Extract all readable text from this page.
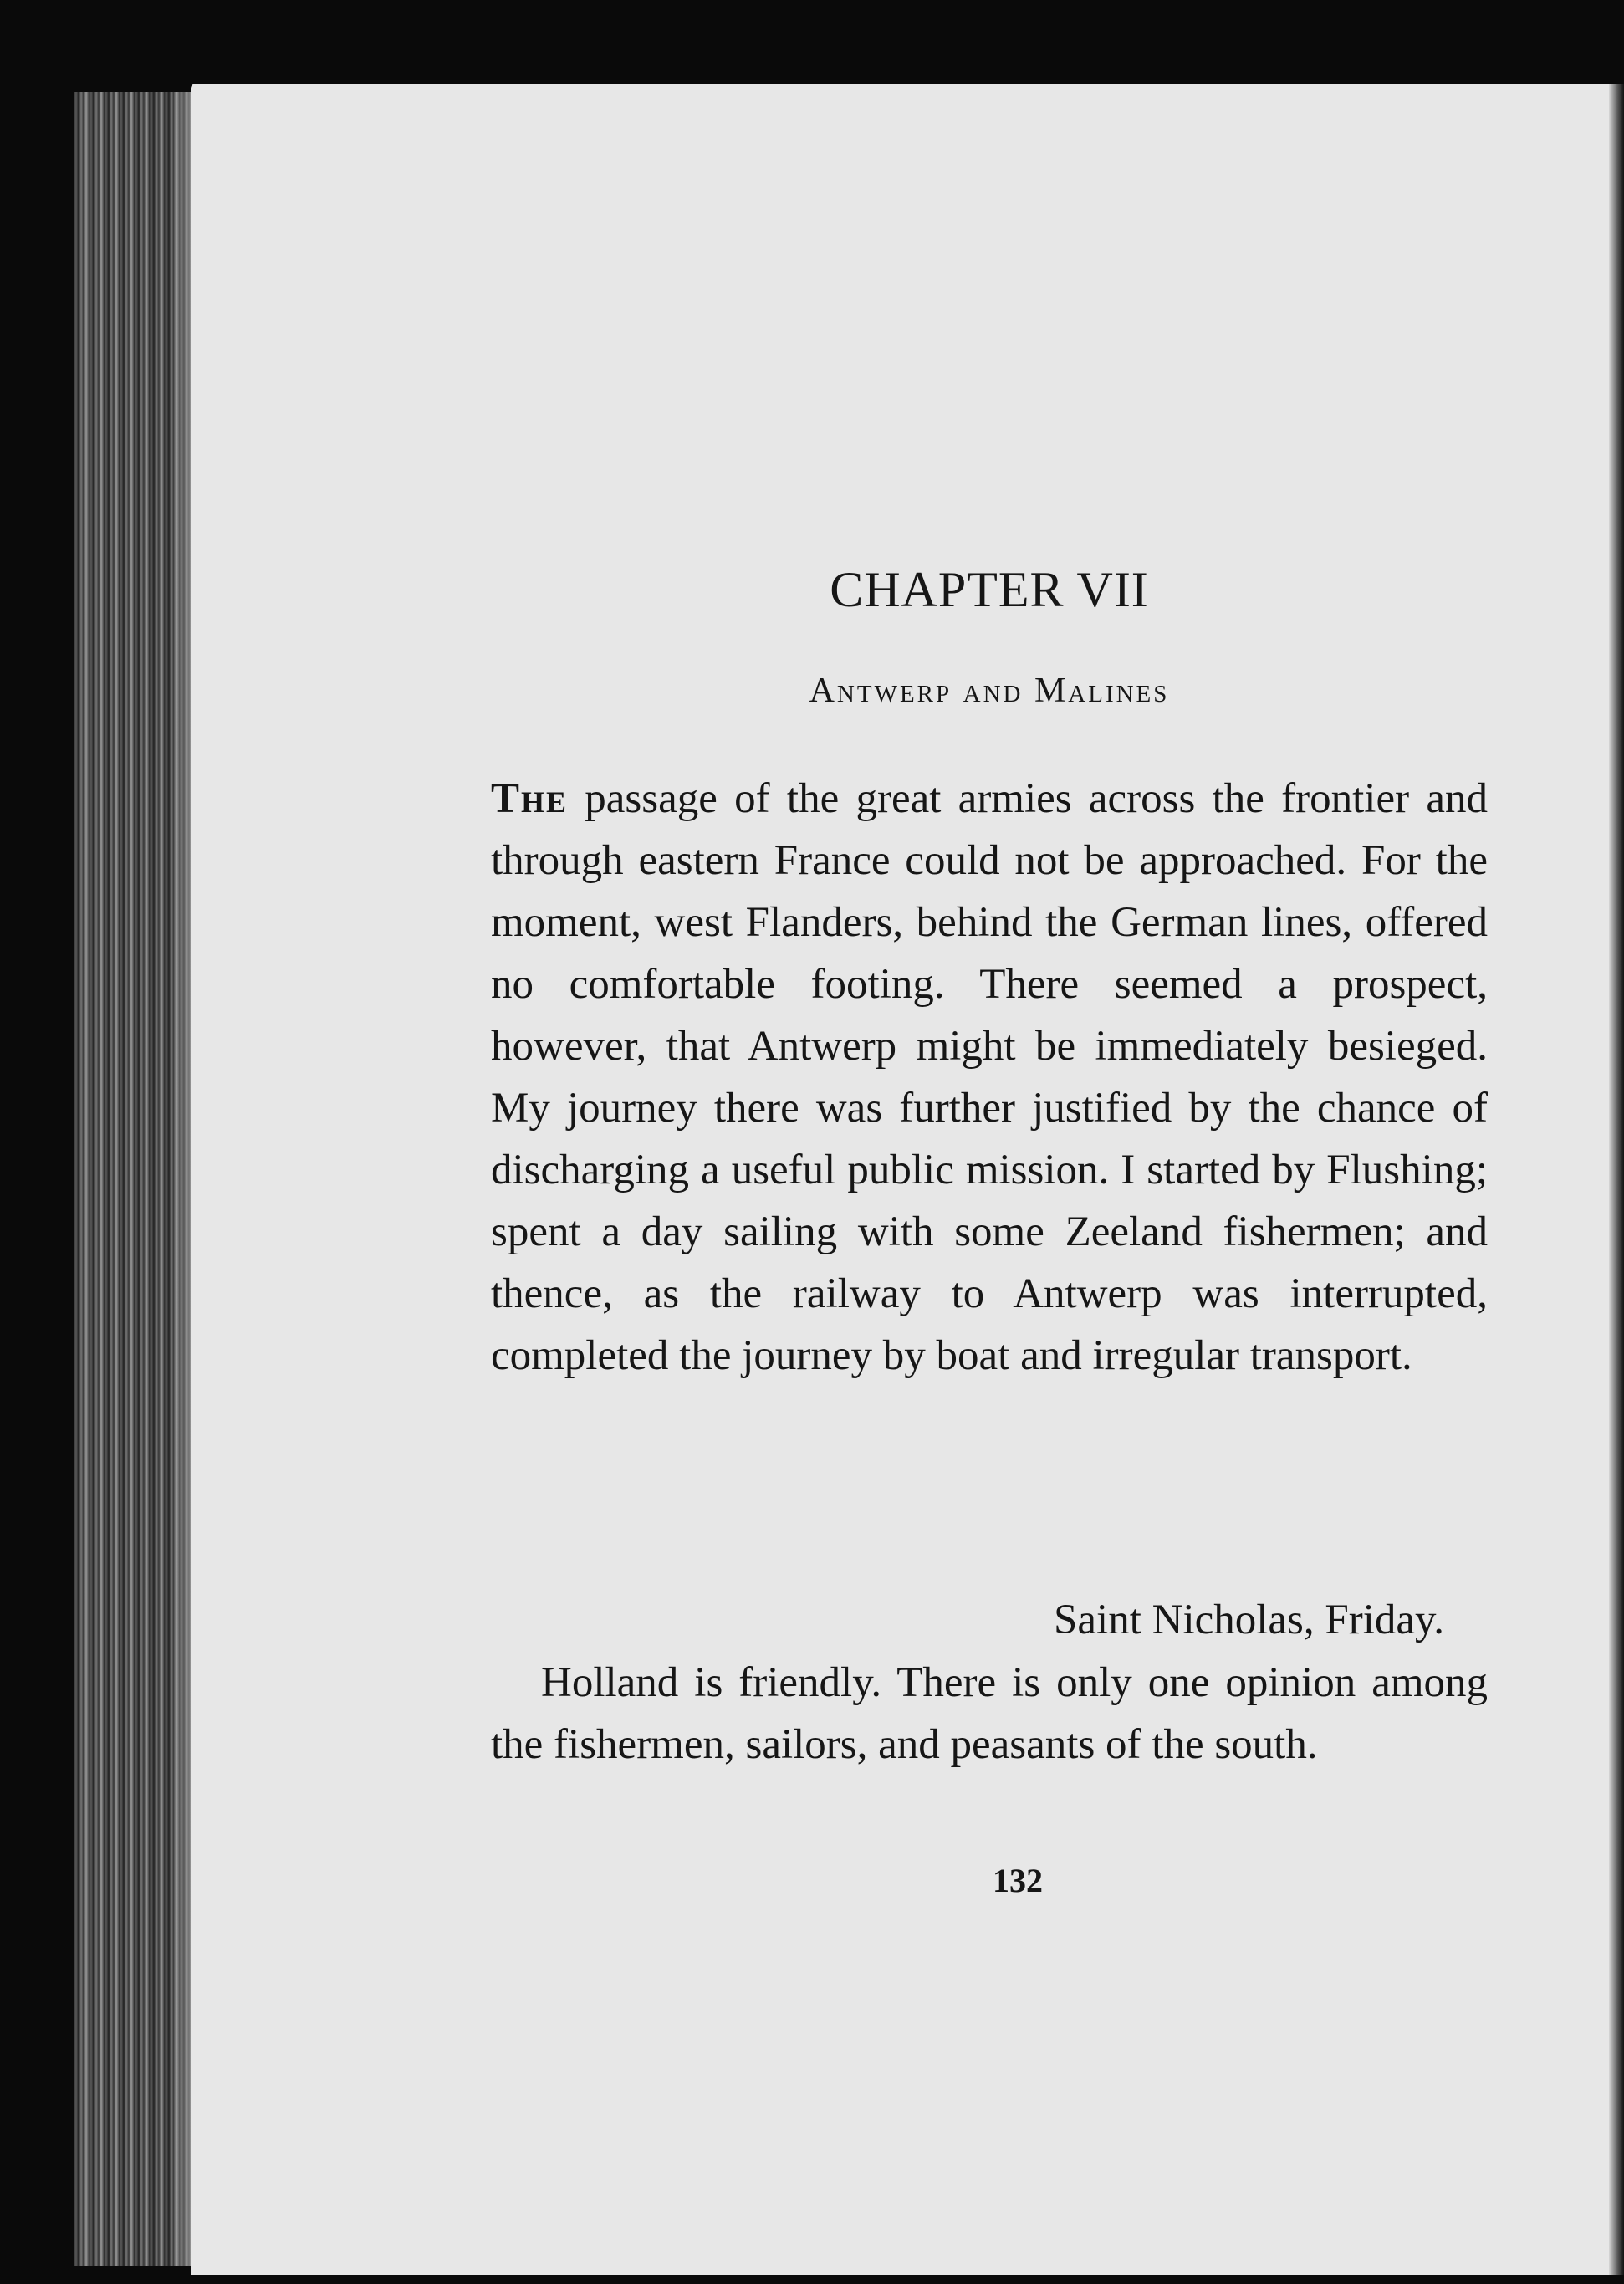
CHAPTER VII
Antwerp and Malines

The passage of the great armies across the frontier and through eastern France could not be approached. For the moment, west Flanders, behind the German lines, offered no comfortable footing. There seemed a prospect, however, that Antwerp might be immediately besieged. My journey there was further justified by the chance of discharging a useful public mission. I started by Flushing; spent a day sailing with some Zeeland fishermen; and thence, as the railway to Antwerp was interrupted, completed the journey by boat and irregular transport.

Saint Nicholas, Friday.

Holland is friendly. There is only one opinion among the fishermen, sailors, and peasants of the south.

132
